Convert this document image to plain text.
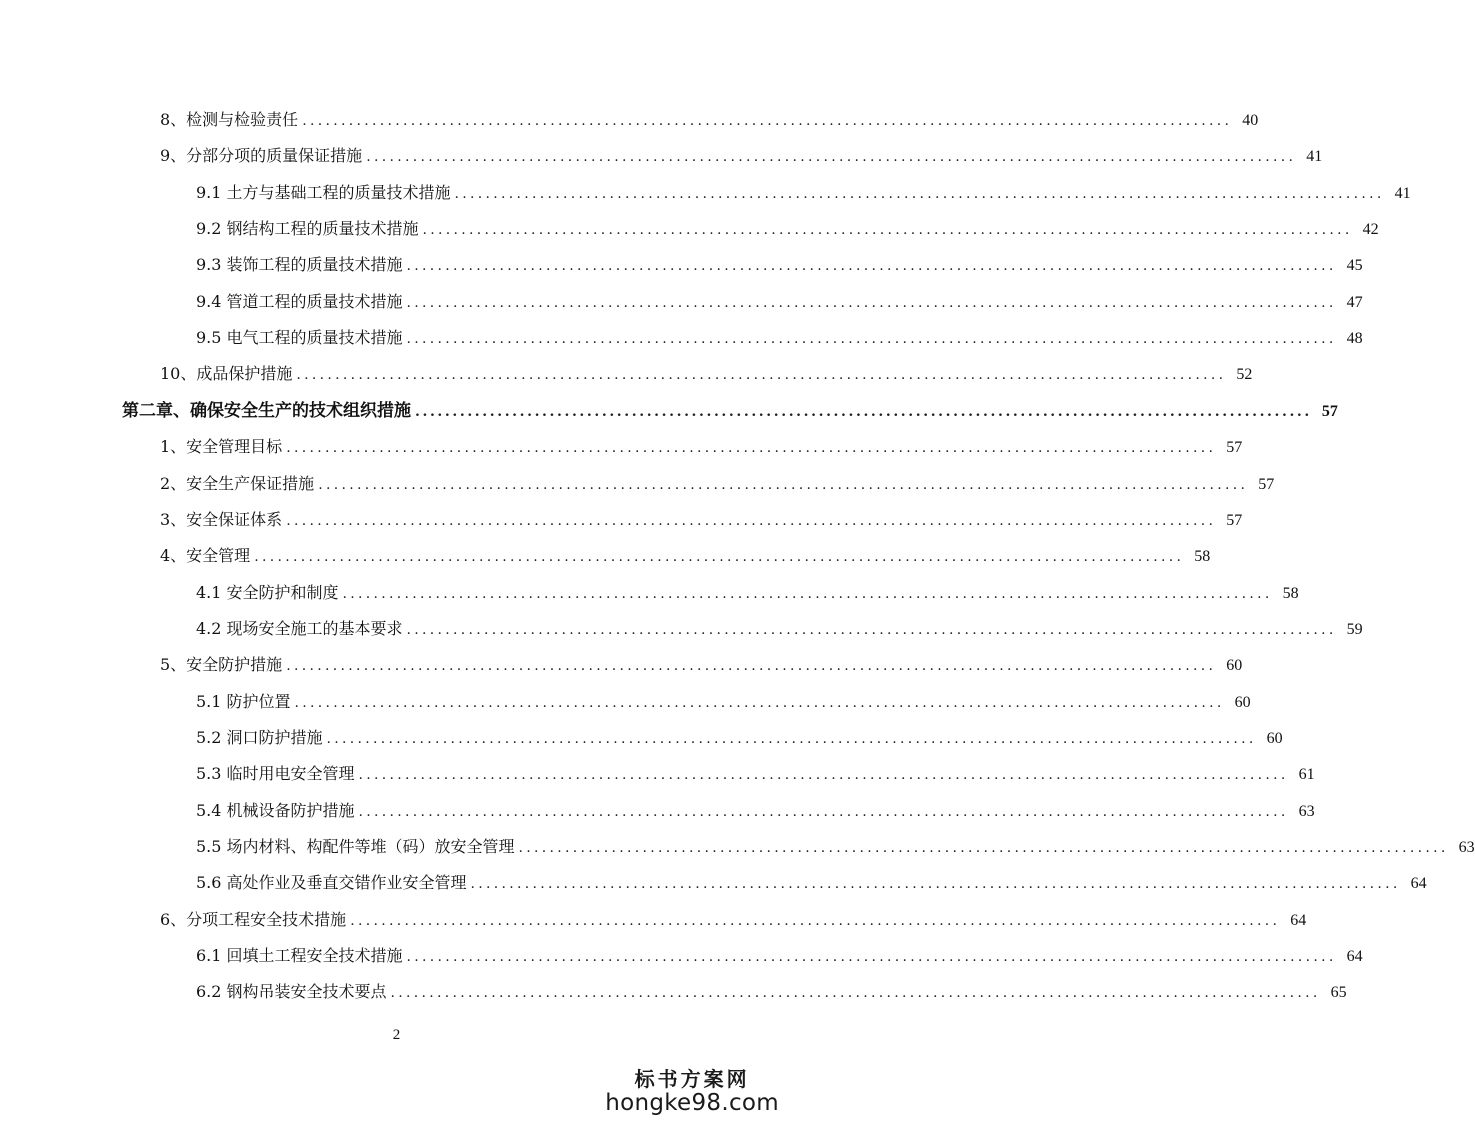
8、检测与检验责任 ........................................................................................................................ 40
9、分部分项的质量保证措施 ........................................................................................................................ 41
9.1 土方与基础工程的质量技术措施 ........................................................................................................................ 41
9.2 钢结构工程的质量技术措施 ........................................................................................................................ 42
9.3 装饰工程的质量技术措施 ........................................................................................................................ 45
9.4 管道工程的质量技术措施 ........................................................................................................................ 47
9.5 电气工程的质量技术措施 ........................................................................................................................ 48
10、成品保护措施 ........................................................................................................................ 52
第二章、确保安全生产的技术组织措施 ........................................................................................................................ 57
1、安全管理目标 ........................................................................................................................ 57
2、安全生产保证措施 ........................................................................................................................ 57
3、安全保证体系 ........................................................................................................................ 57
4、安全管理 ........................................................................................................................ 58
4.1 安全防护和制度 ........................................................................................................................ 58
4.2 现场安全施工的基本要求 ........................................................................................................................ 59
5、安全防护措施 ........................................................................................................................ 60
5.1 防护位置 ........................................................................................................................ 60
5.2 洞口防护措施 ........................................................................................................................ 60
5.3 临时用电安全管理 ........................................................................................................................ 61
5.4 机械设备防护措施 ........................................................................................................................ 63
5.5 场内材料、构配件等堆（码）放安全管理 ........................................................................................................................ 63
5.6 高处作业及垂直交错作业安全管理 ........................................................................................................................ 64
6、分项工程安全技术措施 ........................................................................................................................ 64
6.1 回填土工程安全技术措施 ........................................................................................................................ 64
6.2 钢构吊装安全技术要点 ........................................................................................................................ 65
2
标书方案网
hongke98.com
